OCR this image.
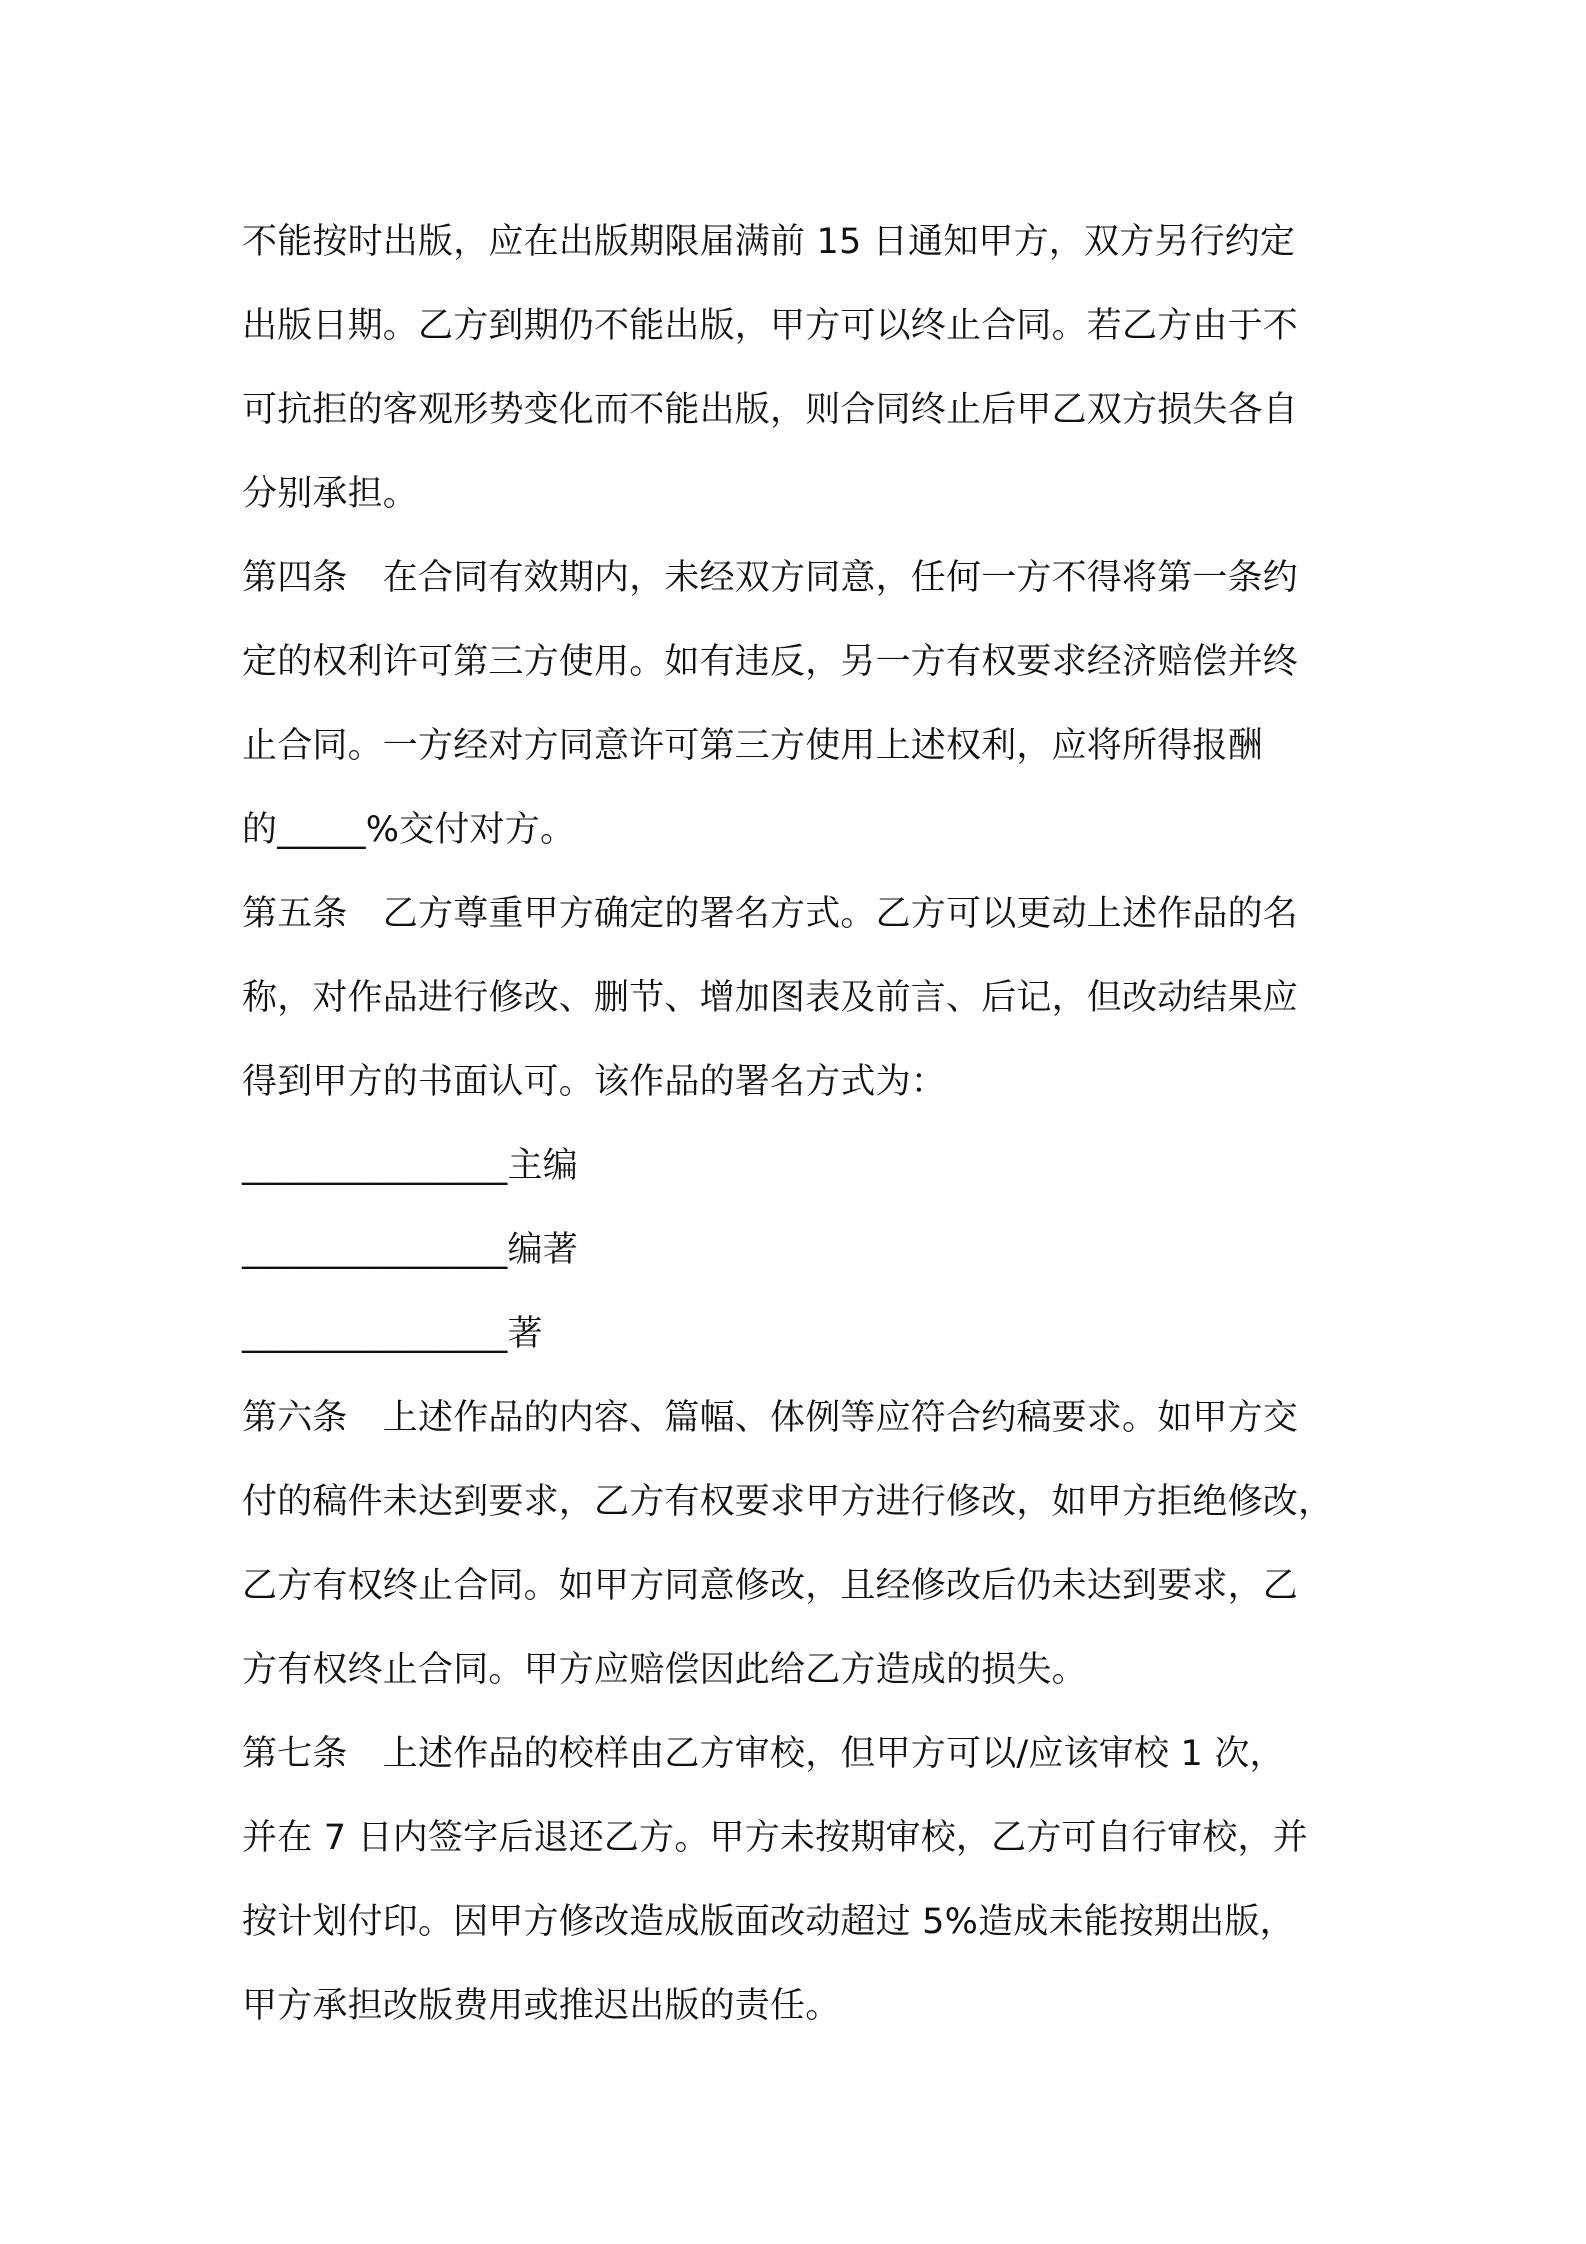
不能按时出版，应在出版期限届满前 15 日通知甲方，双方另行约定
出版日期。乙方到期仍不能出版，甲方可以终止合同。若乙方由于不
可抗拒的客观形势变化而不能出版，则合同终止后甲乙双方损失各自
分别承担。
第四条　在合同有效期内，未经双方同意，任何一方不得将第一条约
定的权利许可第三方使用。如有违反，另一方有权要求经济赔偿并终
止合同。一方经对方同意许可第三方使用上述权利，应将所得报酬
的_____%交付对方。
第五条　乙方尊重甲方确定的署名方式。乙方可以更动上述作品的名
称，对作品进行修改、删节、增加图表及前言、后记，但改动结果应
得到甲方的书面认可。该作品的署名方式为：
_______________主编
_______________编著
_______________著
第六条　上述作品的内容、篇幅、体例等应符合约稿要求。如甲方交
付的稿件未达到要求，乙方有权要求甲方进行修改，如甲方拒绝修改，
乙方有权终止合同。如甲方同意修改，且经修改后仍未达到要求，乙
方有权终止合同。甲方应赔偿因此给乙方造成的损失。
第七条　上述作品的校样由乙方审校，但甲方可以/应该审校 1 次，
并在 7 日内签字后退还乙方。甲方未按期审校，乙方可自行审校，并
按计划付印。因甲方修改造成版面改动超过 5%造成未能按期出版，
甲方承担改版费用或推迟出版的责任。
